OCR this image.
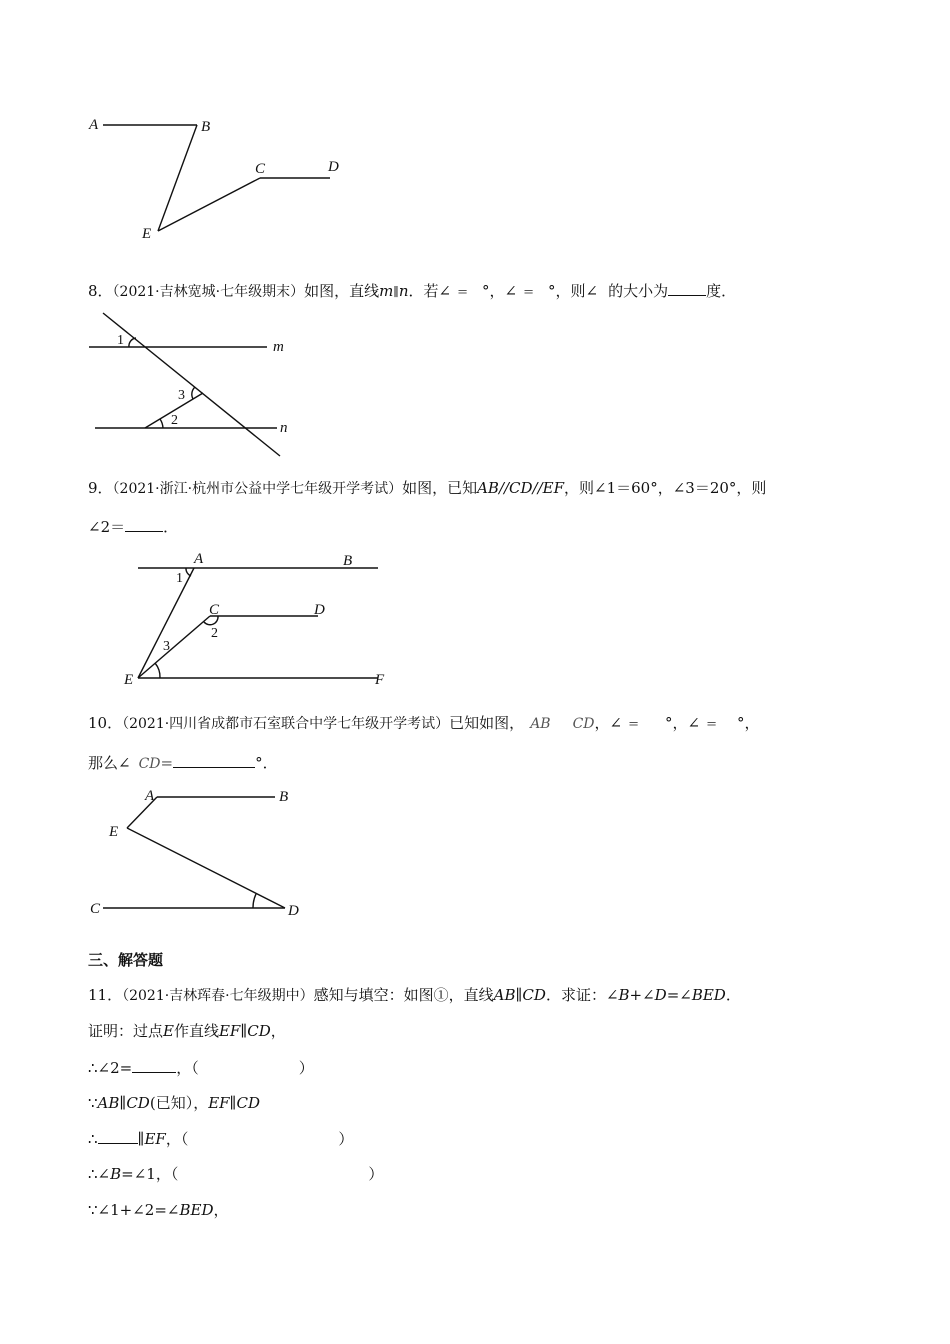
A	B
C	D
E
8．（2021·吉林宽城·七年级期末）如图，直线m∥n．若∠ = °，∠ = °，则∠ 的大小为	度．
1
3
2
m
n
9．（2021·浙江·杭州市公益中学七年级开学考试）如图，已知AB//CD//EF，则∠1＝60°，∠3＝20°，则
∠2＝	．
A	B
1
C	D
2
3
E	F
10．（2021·四川省成都市石室联合中学七年级开学考试）已知如图， AB CD，∠ = °，∠ = °，
那么∠ CD=	°．
A	B
E
C	D
三、解答题
11．（2021·吉林珲春·七年级期中）感知与填空：如图①，直线AB∥CD．求证：∠B+∠D=∠BED．
证明：过点E作直线EF∥CD，
∴∠2=	，（	）
∵AB∥CD(已知），EF∥CD
∴	∥EF，（	）
∴∠B=∠1，（	）
∵∠1+∠2=∠BED，
